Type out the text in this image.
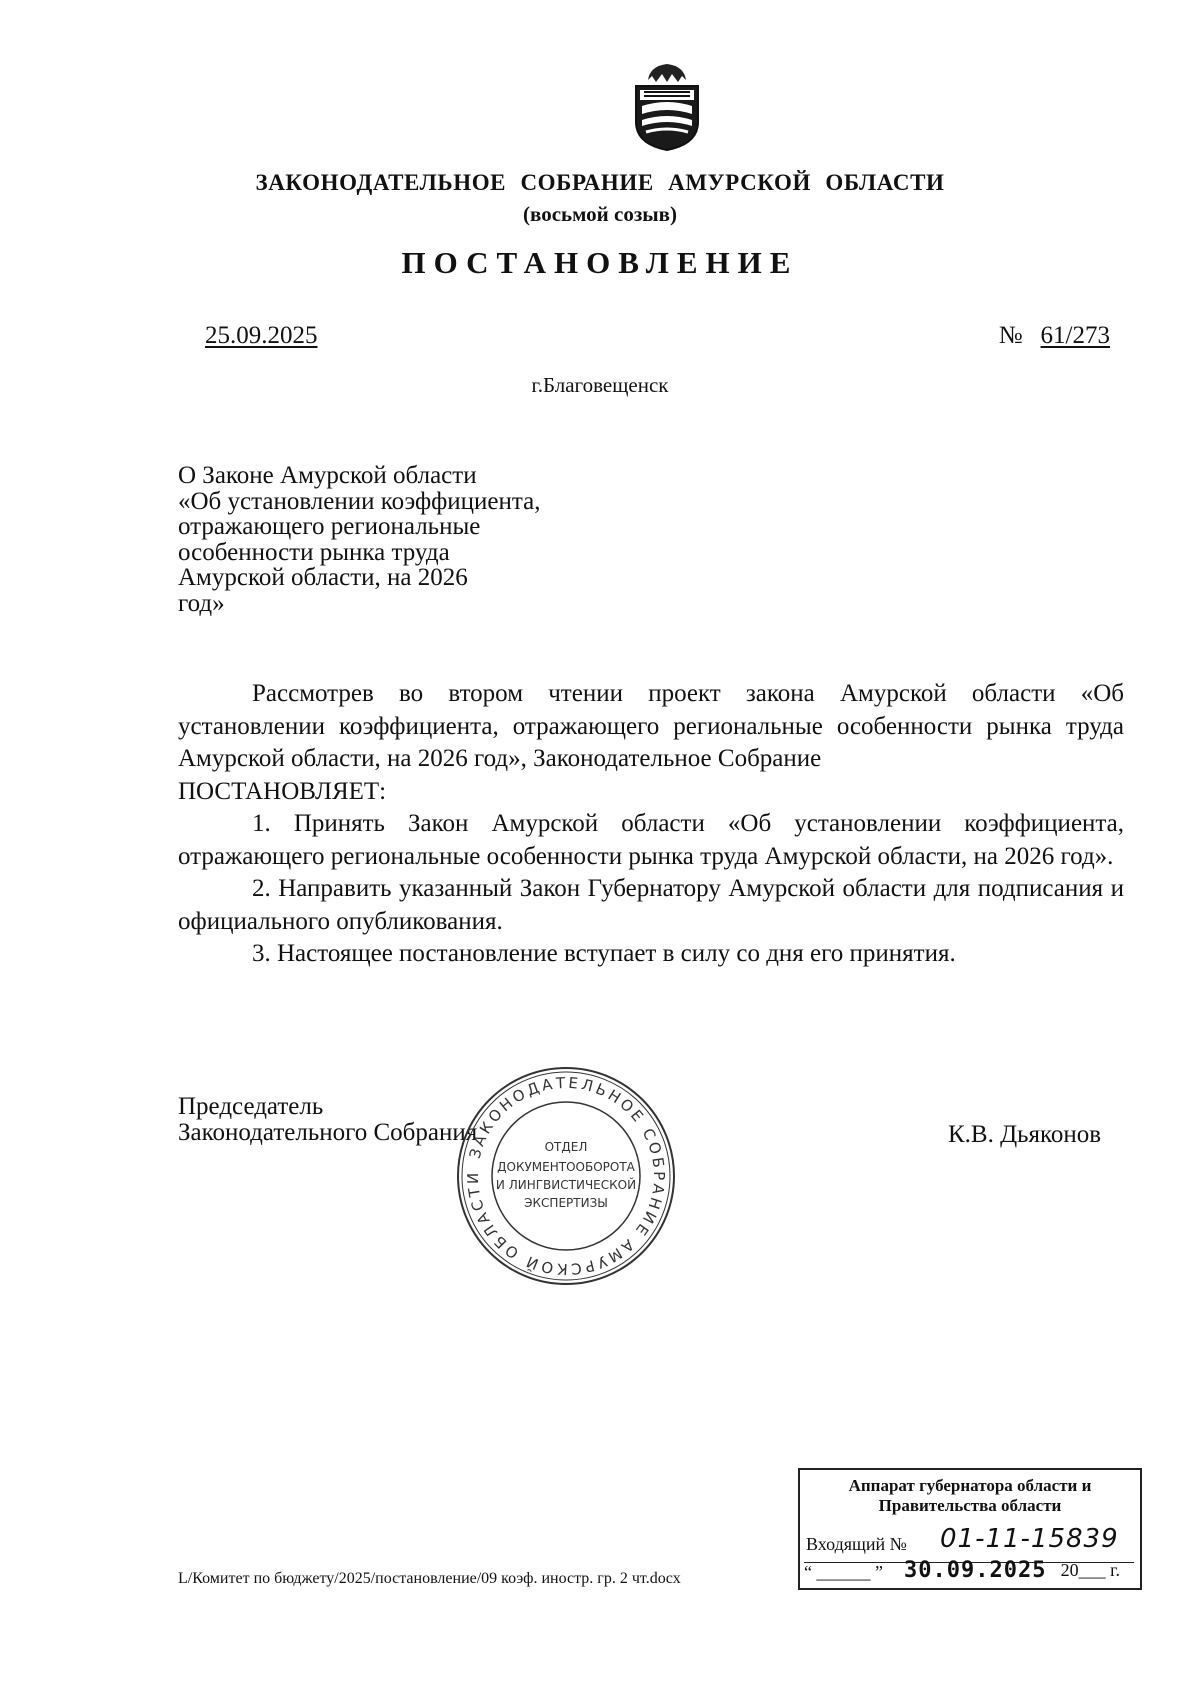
ЗАКОНОДАТЕЛЬНОЕ СОБРАНИЕ АМУРСКОЙ ОБЛАСТИ
(восьмой созыв)
ПОСТАНОВЛЕНИЕ
25.09.2025	№ 61/273
г.Благовещенск
О Законе Амурской области
«Об установлении коэффициента,
отражающего региональные
особенности рынка труда
Амурской области, на 2026
год»

Рассмотрев во втором чтении проект закона Амурской области «Об установлении коэффициента, отражающего региональные особенности рынка труда Амурской области, на 2026 год», Законодательное Собрание

ПОСТАНОВЛЯЕТ:

1. Принять Закон Амурской области «Об установлении коэффициента, отражающего региональные особенности рынка труда Амурской области, на 2026 год».

2. Направить указанный Закон Губернатору Амурской области для подписания и официального опубликования.

3. Настоящее постановление вступает в силу со дня его принятия.

Председатель
Законодательного Собрания	К.В. Дьяконов
ЗАКОНОДАТЕЛЬНОЕ СОБРАНИЕ АМУРСКОЙ ОБЛАСТИ
ОТДЕЛ
ДОКУМЕНТООБОРОТА
И ЛИНГВИСТИЧЕСКОЙ
ЭКСПЕРТИЗЫ
Аппарат губернатора области и
Правительства области
Входящий № 01-11-15839
“ ______ ” 30.09.2025 20___ г.
L/Комитет по бюджету/2025/постановление/09 коэф. иностр. гр. 2 чт.docx
